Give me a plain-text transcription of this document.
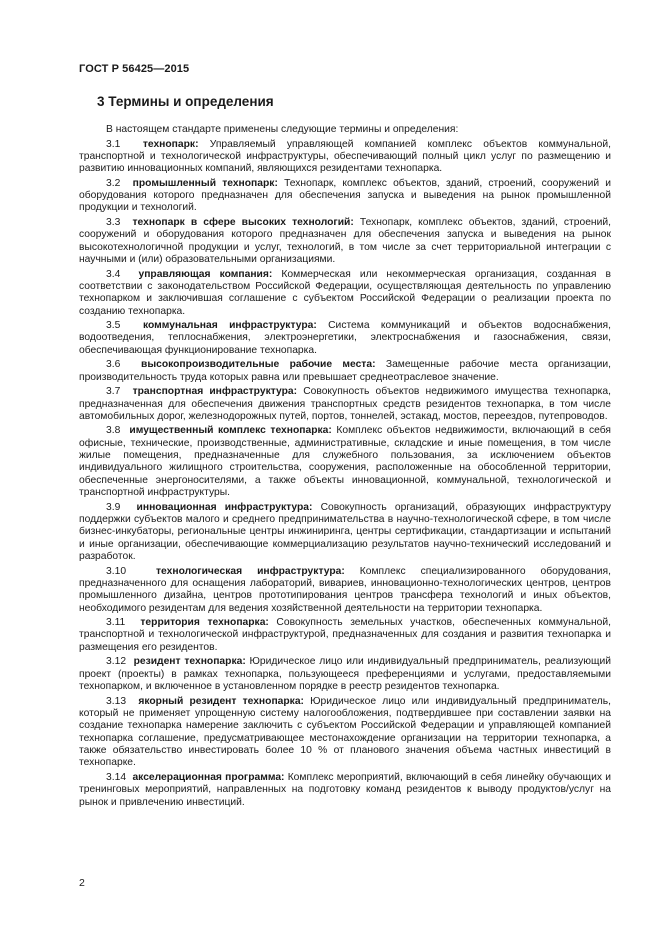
ГОСТ Р 56425—2015
3 Термины и определения

В настоящем стандарте применены следующие термины и определения:

3.1 технопарк: Управляемый управляющей компанией комплекс объектов коммунальной, транспортной и технологической инфраструктуры, обеспечивающий полный цикл услуг по размещению и развитию инновационных компаний, являющихся резидентами технопарка.

3.2 промышленный технопарк: Технопарк, комплекс объектов, зданий, строений, сооружений и оборудования которого предназначен для обеспечения запуска и выведения на рынок промышленной продукции и технологий.

3.3 технопарк в сфере высоких технологий: Технопарк, комплекс объектов, зданий, строений, сооружений и оборудования которого предназначен для обеспечения запуска и выведения на рынок высокотехнологичной продукции и услуг, технологий, в том числе за счет территориальной интеграции с научными и (или) образовательными организациями.

3.4 управляющая компания: Коммерческая или некоммерческая организация, созданная в соответствии с законодательством Российской Федерации, осуществляющая деятельность по управлению технопарком и заключившая соглашение с субъектом Российской Федерации о реализации проекта по созданию технопарка.

3.5 коммунальная инфраструктура: Система коммуникаций и объектов водоснабжения, водоотведения, теплоснабжения, электроэнергетики, электроснабжения и газоснабжения, связи, обеспечивающая функционирование технопарка.

3.6 высокопроизводительные рабочие места: Замещенные рабочие места организации, производительность труда которых равна или превышает среднеотраслевое значение.

3.7 транспортная инфраструктура: Совокупность объектов недвижимого имущества технопарка, предназначенная для обеспечения движения транспортных средств резидентов технопарка, в том числе автомобильных дорог, железнодорожных путей, портов, тоннелей, эстакад, мостов, переездов, путепроводов.

3.8 имущественный комплекс технопарка: Комплекс объектов недвижимости, включающий в себя офисные, технические, производственные, административные, складские и иные помещения, в том числе жилые помещения, предназначенные для служебного пользования, за исключением объектов индивидуального жилищного строительства, сооружения, расположенные на обособленной территории, обеспеченные энергоносителями, а также объекты инновационной, коммунальной, технологической и транспортной инфраструктуры.

3.9 инновационная инфраструктура: Совокупность организаций, образующих инфраструктуру поддержки субъектов малого и среднего предпринимательства в научно-технологической сфере, в том числе бизнес-инкубаторы, региональные центры инжиниринга, центры сертификации, стандартизации и испытаний и иные организации, обеспечивающие коммерциализацию результатов научно-технический исследований и разработок.

3.10	технологическая инфраструктура: Комплекс специализированного оборудования, предназначенного для оснащения лабораторий, вивариев, инновационно-технологических центров, центров промышленного дизайна, центров прототипирования центров трансфера технологий и иных объектов, необходимого резидентам для ведения хозяйственной деятельности на территории технопарка.

3.11 территория технопарка: Совокупность земельных участков, обеспеченных коммунальной, транспортной и технологической инфраструктурой, предназначенных для создания и развития технопарка и размещения его резидентов.

3.12 резидент технопарка: Юридическое лицо или индивидуальный предприниматель, реализующий проект (проекты) в рамках технопарка, пользующееся преференциями и услугами, предоставляемыми технопарком, и включенное в установленном порядке в реестр резидентов технопарка.

3.13 якорный резидент технопарка: Юридическое лицо или индивидуальный предприниматель, который не применяет упрощенную систему налогообложения, подтвердившее при составлении заявки на создание технопарка намерение заключить с субъектом Российской Федерации и управляющей компанией технопарка соглашение, предусматривающее местонахождение организации на территории технопарка, а также обязательство инвестировать более 10 % от планового значения объема частных инвестиций в технопарке.

3.14 акселерационная программа: Комплекс мероприятий, включающий в себя линейку обучающих и тренинговых мероприятий, направленных на подготовку команд резидентов к выводу продуктов/услуг на рынок и привлечению инвестиций.

2
